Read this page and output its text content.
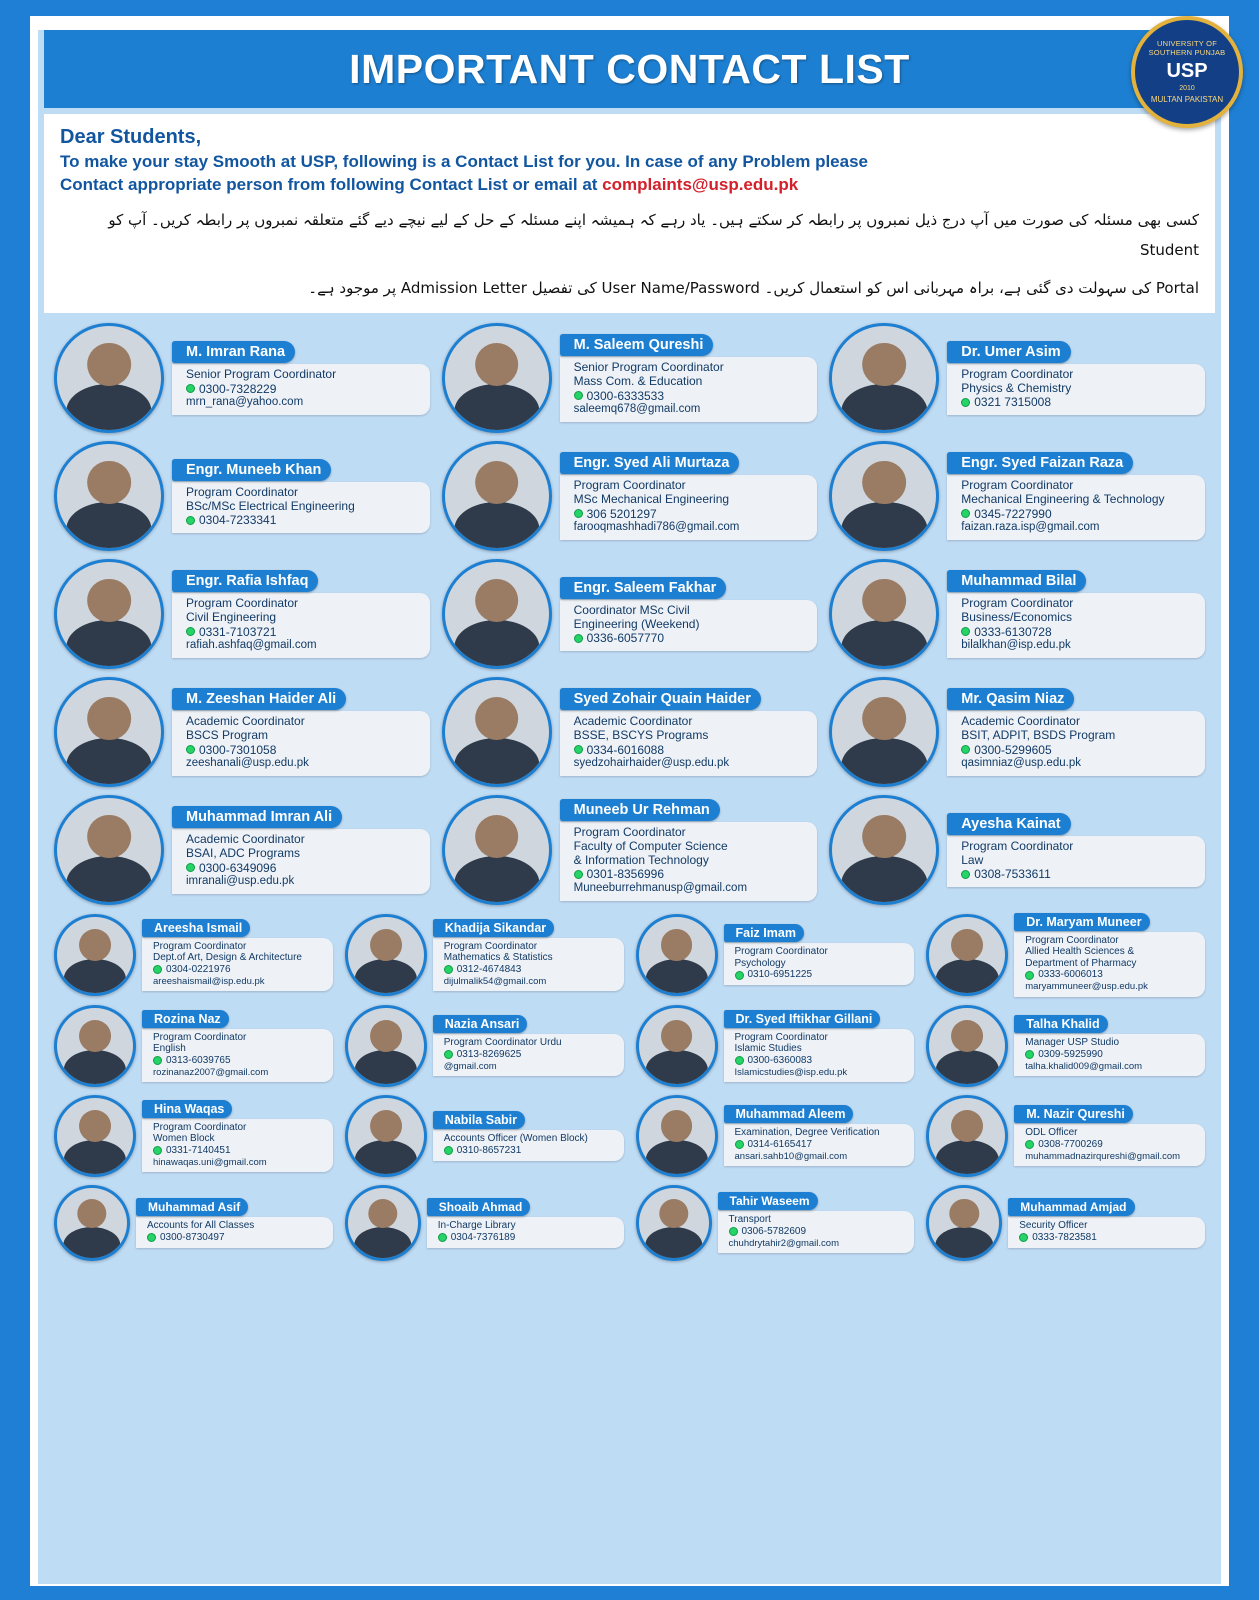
IMPORTANT CONTACT LIST
UNIVERSITY OF SOUTHERN PUNJAB
USP
2010
MULTAN PAKISTAN
Dear Students,
To make your stay Smooth at USP, following is a Contact List for you. In case of any Problem please
Contact appropriate person from following Contact List or email at complaints@usp.edu.pk
کسی بھی مسئلہ کی صورت میں آپ درج ذیل نمبروں پر رابطہ کر سکتے ہیں۔ یاد رہے کہ ہمیشہ اپنے مسئلہ کے حل کے لیے نیچے دیے گئے متعلقہ نمبروں پر رابطہ کریں۔ آپ کو Student
Portal کی سہولت دی گئی ہے، براہ مہربانی اس کو استعمال کریں۔ User Name/Password کی تفصیل Admission Letter پر موجود ہے۔
M. Imran Rana
Senior Program Coordinator
0300-7328229
mrn_rana@yahoo.com
M. Saleem Qureshi
Senior Program Coordinator
Mass Com. & Education
0300-6333533
saleemq678@gmail.com
Dr. Umer Asim
Program Coordinator
Physics & Chemistry
0321 7315008
Engr. Muneeb Khan
Program Coordinator
BSc/MSc Electrical Engineering
0304-7233341
Engr. Syed Ali Murtaza
Program Coordinator
MSc Mechanical Engineering
306 5201297
farooqmashhadi786@gmail.com
Engr. Syed Faizan Raza
Program Coordinator
Mechanical Engineering & Technology
0345-7227990
faizan.raza.isp@gmail.com
Engr. Rafia Ishfaq
Program Coordinator
Civil Engineering
0331-7103721
rafiah.ashfaq@gmail.com
Engr. Saleem Fakhar
Coordinator MSc Civil
Engineering (Weekend)
0336-6057770
Muhammad Bilal
Program Coordinator
Business/Economics
0333-6130728
bilalkhan@isp.edu.pk
M. Zeeshan Haider Ali
Academic Coordinator
BSCS Program
0300-7301058
zeeshanali@usp.edu.pk
Syed Zohair Quain Haider
Academic Coordinator
BSSE, BSCYS Programs
0334-6016088
syedzohairhaider@usp.edu.pk
Mr. Qasim Niaz
Academic Coordinator
BSIT, ADPIT, BSDS Program
0300-5299605
qasimniaz@usp.edu.pk
Muhammad Imran Ali
Academic Coordinator
BSAI, ADC Programs
0300-6349096
imranali@usp.edu.pk
Muneeb Ur Rehman
Program Coordinator
Faculty of Computer Science
& Information Technology
0301-8356996
Muneeburrehmanusp@gmail.com
Ayesha Kainat
Program Coordinator
Law
0308-7533611
Areesha Ismail
Program Coordinator
Dept.of Art, Design & Architecture
0304-0221976
areeshaismail@isp.edu.pk
Khadija Sikandar
Program Coordinator
Mathematics & Statistics
0312-4674843
dijulmalik54@gmail.com
Faiz Imam
Program Coordinator
Psychology
0310-6951225
Dr. Maryam Muneer
Program Coordinator
Allied Health Sciences &
Department of Pharmacy
0333-6006013
maryammuneer@usp.edu.pk
Rozina Naz
Program Coordinator
English
0313-6039765
rozinanaz2007@gmail.com
Nazia Ansari
Program Coordinator Urdu
0313-8269625
@gmail.com
Dr. Syed Iftikhar Gillani
Program Coordinator
Islamic Studies
0300-6360083
Islamicstudies@isp.edu.pk
Talha Khalid
Manager USP Studio
0309-5925990
talha.khalid009@gmail.com
Hina Waqas
Program Coordinator
Women Block
0331-7140451
hinawaqas.uni@gmail.com
Nabila Sabir
Accounts Officer (Women Block)
0310-8657231
Muhammad Aleem
Examination, Degree Verification
0314-6165417
ansari.sahb10@gmail.com
M. Nazir Qureshi
ODL Officer
0308-7700269
muhammadnazirqureshi@gmail.com
Muhammad Asif
Accounts for All Classes
0300-8730497
Shoaib Ahmad
In-Charge Library
0304-7376189
Tahir Waseem
Transport
0306-5782609
chuhdrytahir2@gmail.com
Muhammad Amjad
Security Officer
0333-7823581
